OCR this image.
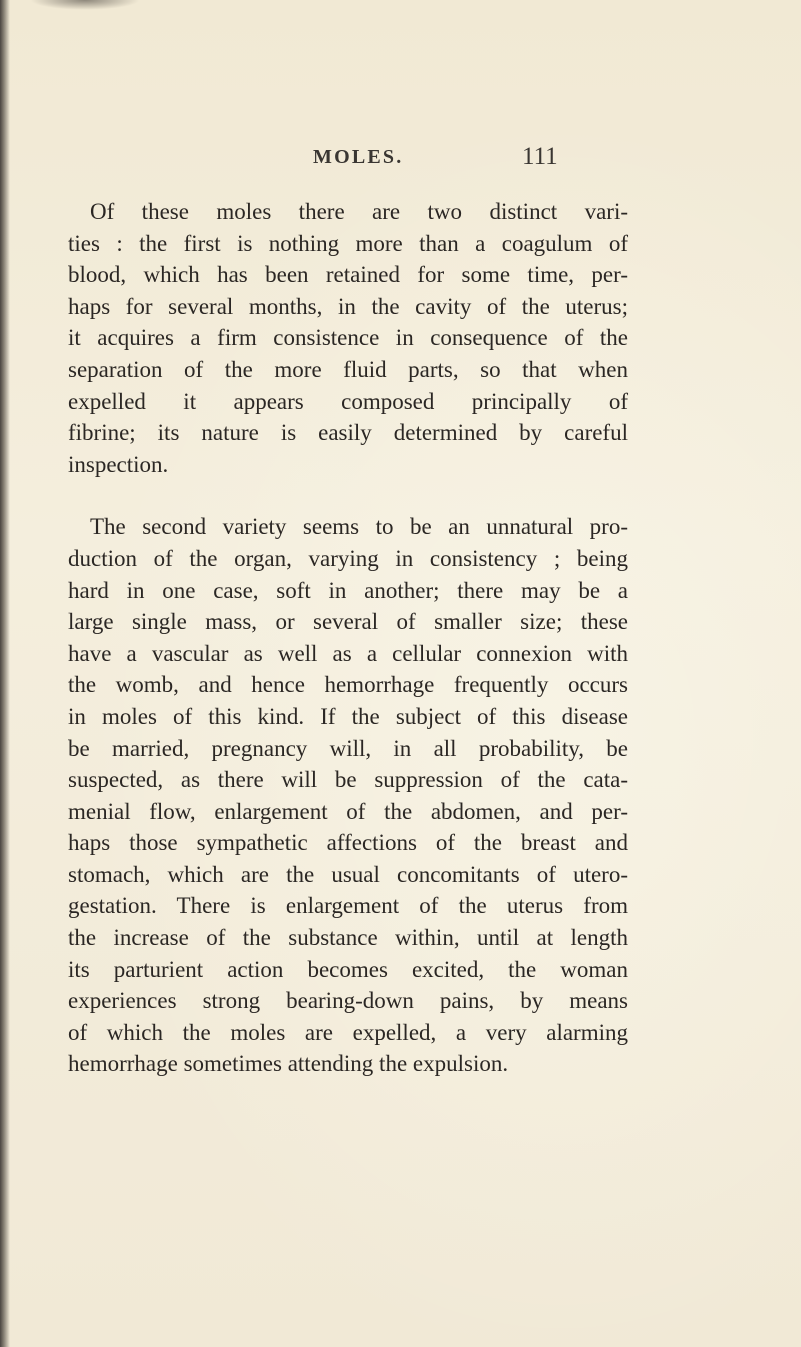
MOLES.	111
Of these moles there are two distinct vari-
ties : the first is nothing more than a coagulum of
blood, which has been retained for some time, per-
haps for several months, in the cavity of the uterus;
it acquires a firm consistence in consequence of the
separation of the more fluid parts, so that when
expelled it appears composed principally of
fibrine; its nature is easily determined by careful
inspection.
The second variety seems to be an unnatural pro-
duction of the organ, varying in consistency ; being
hard in one case, soft in another; there may be a
large single mass, or several of smaller size; these
have a vascular as well as a cellular connexion with
the womb, and hence hemorrhage frequently occurs
in moles of this kind. If the subject of this disease
be married, pregnancy will, in all probability, be
suspected, as there will be suppression of the cata-
menial flow, enlargement of the abdomen, and per-
haps those sympathetic affections of the breast and
stomach, which are the usual concomitants of utero-
gestation. There is enlargement of the uterus from
the increase of the substance within, until at length
its parturient action becomes excited, the woman
experiences strong bearing-down pains, by means
of which the moles are expelled, a very alarming
hemorrhage sometimes attending the expulsion.
